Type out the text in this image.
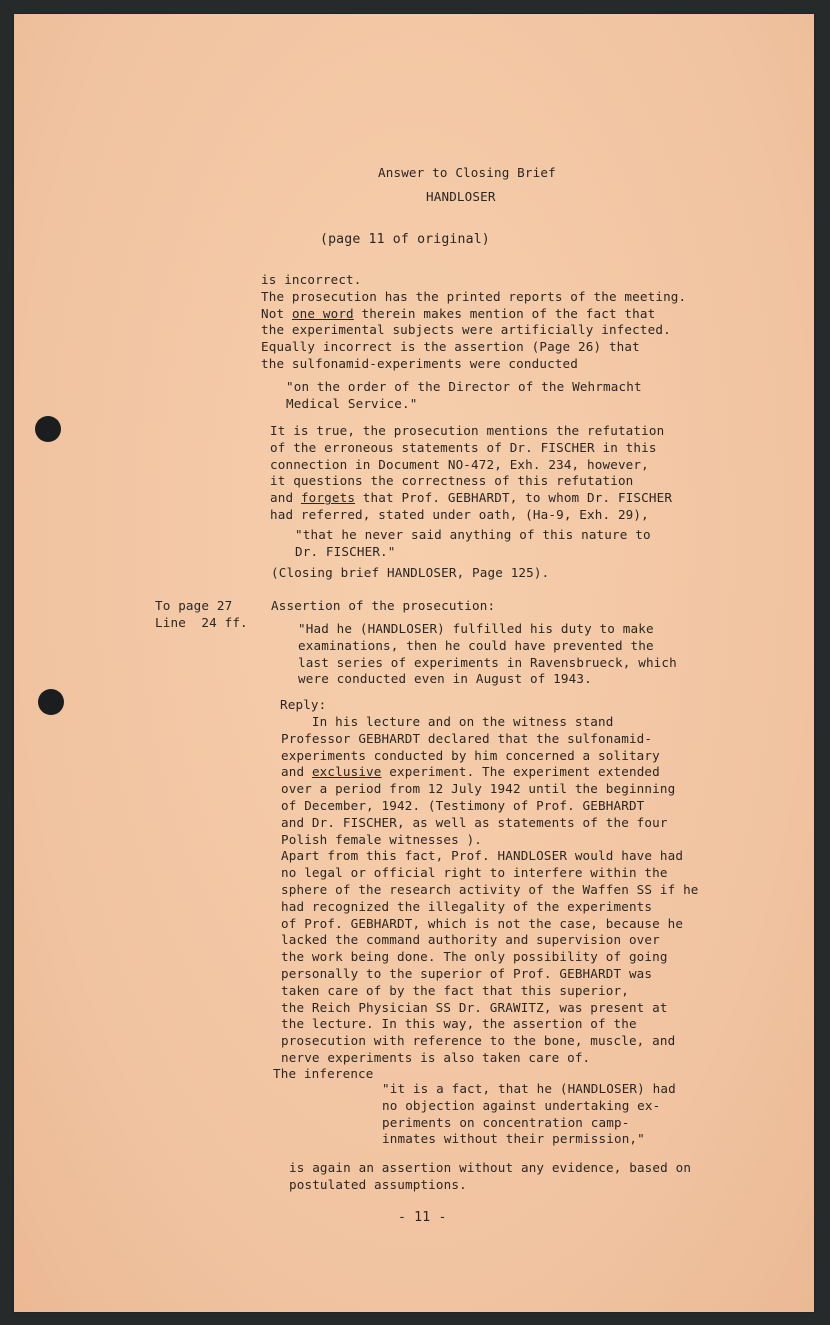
Answer to Closing Brief
HANDLOSER
(page 11 of original)
is incorrect.
The prosecution has the printed reports of the meeting.
Not one word therein makes mention of the fact that
the experimental subjects were artificially infected.
Equally incorrect is the assertion (Page 26) that
the sulfonamid-experiments were conducted
"on the order of the Director of the Wehrmacht
Medical Service."
It is true, the prosecution mentions the refutation
of the erroneous statements of Dr. FISCHER in this
connection in Document NO-472, Exh. 234, however,
it questions the correctness of this refutation
and forgets that Prof. GEBHARDT, to whom Dr. FISCHER
had referred, stated under oath, (Ha-9, Exh. 29),
"that he never said anything of this nature to
Dr. FISCHER."
(Closing brief HANDLOSER, Page 125).
To page 27
Line  24 ff.
Assertion of the prosecution:
"Had he (HANDLOSER) fulfilled his duty to make
examinations, then he could have prevented the
last series of experiments in Ravensbrueck, which
were conducted even in August of 1943.
Reply:
In his lecture and on the witness stand
Professor GEBHARDT declared that the sulfonamid-
experiments conducted by him concerned a solitary
and exclusive experiment. The experiment extended
over a period from 12 July 1942 until the beginning
of December, 1942. (Testimony of Prof. GEBHARDT
and Dr. FISCHER, as well as statements of the four
Polish female witnesses ).
Apart from this fact, Prof. HANDLOSER would have had
no legal or official right to interfere within the
sphere of the research activity of the Waffen SS if he
had recognized the illegality of the experiments
of Prof. GEBHARDT, which is not the case, because he
lacked the command authority and supervision over
the work being done. The only possibility of going
personally to the superior of Prof. GEBHARDT was
taken care of by the fact that this superior,
the Reich Physician SS Dr. GRAWITZ, was present at
the lecture. In this way, the assertion of the
prosecution with reference to the bone, muscle, and
nerve experiments is also taken care of.
The inference
"it is a fact, that he (HANDLOSER) had
no objection against undertaking ex-
periments on concentration camp-
inmates without their permission,"
is again an assertion without any evidence, based on
postulated assumptions.
- 11 -
